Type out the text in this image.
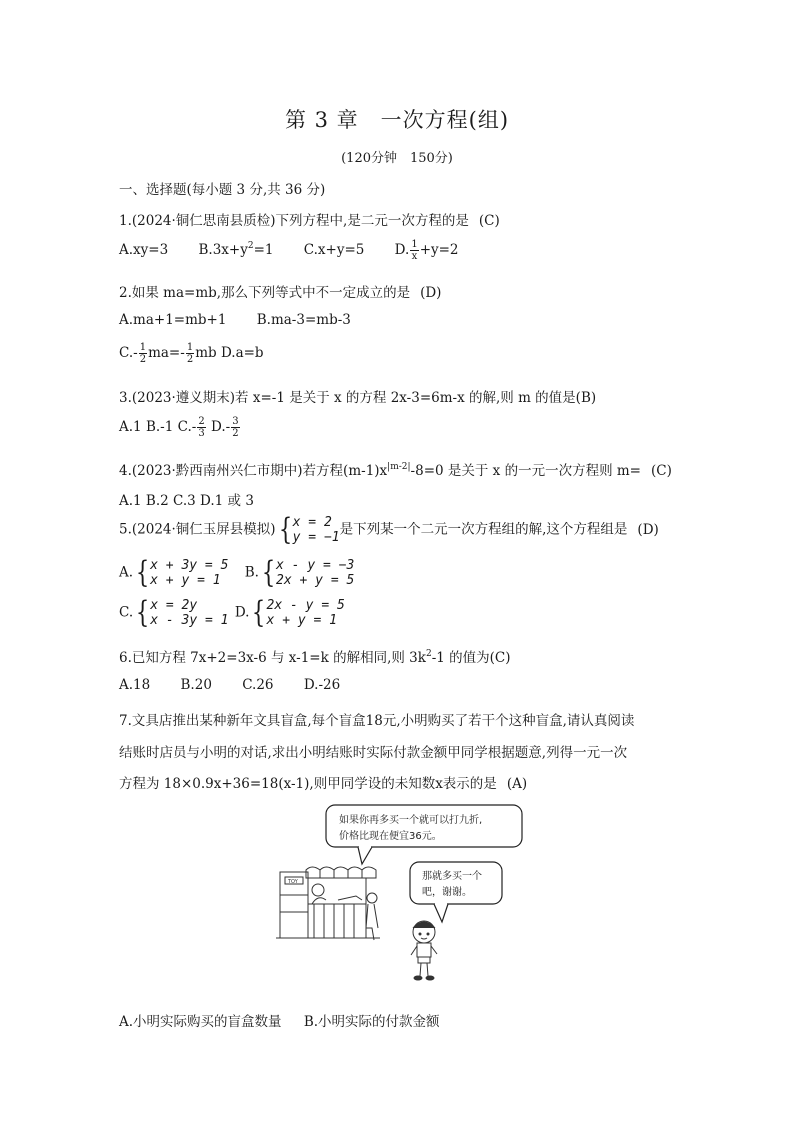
第 3 章　一次方程(组)
(120分钟　150分)
一、选择题(每小题 3 分,共 36 分)
1.(2024·铜仁思南县质检)下列方程中,是二元一次方程的是 (C)
A.xy=3 $B.3x+y^2=1$ C.x+y=5 D. $\frac{1}{x} +y=2$
2.如果 ma=mb,那么下列等式中不一定成立的是 (D)
A.ma+1=mb+1 B.ma-3=mb-3
$C.- \frac{1}{2} ma=- \frac{1}{2}$ mb D.a=b
3.(2023·遵义期末)若 x=-1 是关于 x 的方程 2x-3=6m-x 的解,则 m 的值是(B)
A.1 B.-1 $C.- \frac{2}{3} D.- \frac{3}{2}$
4.(2023·黔西南州兴仁市期中)若方程$(m-1)x^{|m-2|}-8=0$ 是关于 x 的一元一次方程则 m= (C)
A.1 B.2 C.3 D.1 或 3
5.(2024·铜仁玉屏县模拟){ x = 2
y = −1 是下列某一个二元一次方程组的解,这个方程组是 (D)
A.{ x + 3y = 5
x + y = 1	B.{ x - y = −3
2x + y = 5
C.{ x = 2y
x - 3y = 1 D.{ 2x - y = 5
x + y = 1
6.已知方程 7x+2=3x-6 与 x-1=k 的解相同,则 $3k^2-1$ 的值为(C)
A.18 B.20 C.26 D.-26
7.文具店推出某种新年文具盲盒,每个盲盒18元,小明购买了若干个这种盲盒,请认真阅读
结账时店员与小明的对话,求出小明结账时实际付款金额甲同学根据题意,列得一元一次
方程为 18×0.9x+36=18(x-1),则甲同学设的未知数x表示的是 (A)
如果你再多买一个就可以打九折,
价格比现在便宜36元。
那就多买一个
吧，谢谢。
TOY
A.小明实际购买的盲盒数量 B.小明实际的付款金额
